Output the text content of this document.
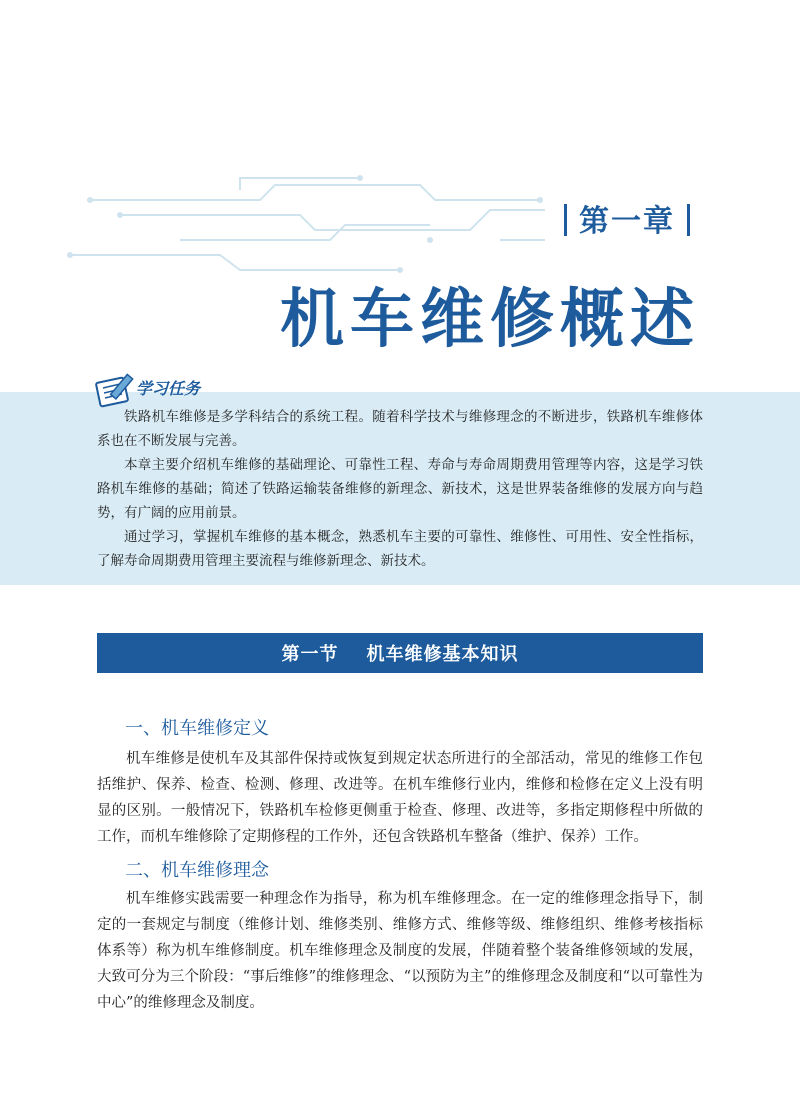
第一章
机车维修概述
学习任务

铁路机车维修是多学科结合的系统工程。随着科学技术与维修理念的不断进步，铁路机车维修体系也在不断发展与完善。

本章主要介绍机车维修的基础理论、可靠性工程、寿命与寿命周期费用管理等内容，这是学习铁路机车维修的基础；简述了铁路运输装备维修的新理念、新技术，这是世界装备维修的发展方向与趋势，有广阔的应用前景。

通过学习，掌握机车维修的基本概念，熟悉机车主要的可靠性、维修性、可用性、安全性指标，了解寿命周期费用管理主要流程与维修新理念、新技术。

第一节 机车维修基本知识
一、机车维修定义

机车维修是使机车及其部件保持或恢复到规定状态所进行的全部活动，常见的维修工作包括维护、保养、检查、检测、修理、改进等。在机车维修行业内，维修和检修在定义上没有明显的区别。一般情况下，铁路机车检修更侧重于检查、修理、改进等，多指定期修程中所做的工作，而机车维修除了定期修程的工作外，还包含铁路机车整备（维护、保养）工作。

二、机车维修理念

机车维修实践需要一种理念作为指导，称为机车维修理念。在一定的维修理念指导下，制定的一套规定与制度（维修计划、维修类别、维修方式、维修等级、维修组织、维修考核指标体系等）称为机车维修制度。机车维修理念及制度的发展，伴随着整个装备维修领域的发展，大致可分为三个阶段：“事后维修”的维修理念、“以预防为主”的维修理念及制度和“以可靠性为中心”的维修理念及制度。
